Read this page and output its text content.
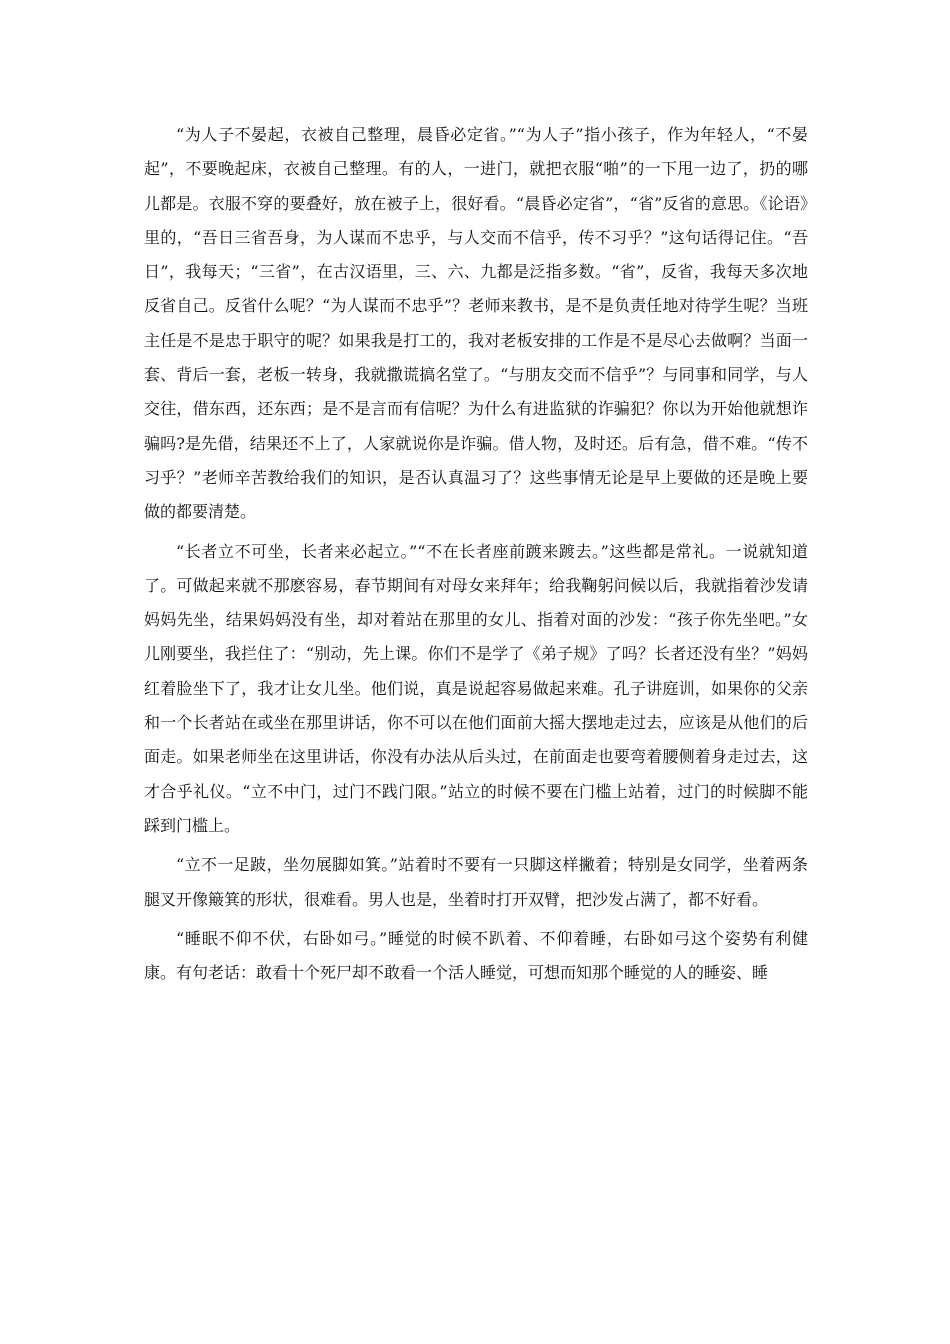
“为人子不晏起，衣被自己整理，晨昏必定省。”“为人子”指小孩子，作为年轻人，“不晏起”，不要晚起床，衣被自己整理。有的人，一进门，就把衣服“啪”的一下甩一边了，扔的哪儿都是。衣服不穿的要叠好，放在被子上，很好看。“晨昏必定省”，“省”反省的意思。《论语》里的，“吾日三省吾身，为人谋而不忠乎，与人交而不信乎，传不习乎？”这句话得记住。“吾日”，我每天；“三省”，在古汉语里，三、六、九都是泛指多数。“省”，反省，我每天多次地反省自己。反省什么呢？“为人谋而不忠乎”？老师来教书，是不是负责任地对待学生呢？当班主任是不是忠于职守的呢？如果我是打工的，我对老板安排的工作是不是尽心去做啊？当面一套、背后一套，老板一转身，我就撒谎搞名堂了。“与朋友交而不信乎”？与同事和同学，与人交往，借东西，还东西；是不是言而有信呢？为什么有进监狱的诈骗犯？你以为开始他就想诈骗吗?是先借，结果还不上了，人家就说你是诈骗。借人物，及时还。后有急，借不难。“传不习乎？”老师辛苦教给我们的知识，是否认真温习了？这些事情无论是早上要做的还是晚上要做的都要清楚。

“长者立不可坐，长者来必起立。”“不在长者座前踱来踱去。”这些都是常礼。一说就知道了。可做起来就不那麽容易，春节期间有对母女来拜年；给我鞠躬问候以后，我就指着沙发请妈妈先坐，结果妈妈没有坐，却对着站在那里的女儿、指着对面的沙发：“孩子你先坐吧。”女儿刚要坐，我拦住了：“别动，先上课。你们不是学了《弟子规》了吗？长者还没有坐？”妈妈红着脸坐下了，我才让女儿坐。他们说，真是说起容易做起来难。孔子讲庭训，如果你的父亲和一个长者站在或坐在那里讲话，你不可以在他们面前大摇大摆地走过去，应该是从他们的后面走。如果老师坐在这里讲话，你没有办法从后头过，在前面走也要弯着腰侧着身走过去，这才合乎礼仪。“立不中门，过门不践门限。”站立的时候不要在门槛上站着，过门的时候脚不能踩到门槛上。

“立不一足跛，坐勿展脚如箕。”站着时不要有一只脚这样撇着；特别是女同学，坐着两条腿叉开像簸箕的形状，很难看。男人也是，坐着时打开双臂，把沙发占满了，都不好看。

“睡眠不仰不伏，右卧如弓。”睡觉的时候不趴着、不仰着睡，右卧如弓这个姿势有利健康。有句老话：敢看十个死尸却不敢看一个活人睡觉，可想而知那个睡觉的人的睡姿、睡
